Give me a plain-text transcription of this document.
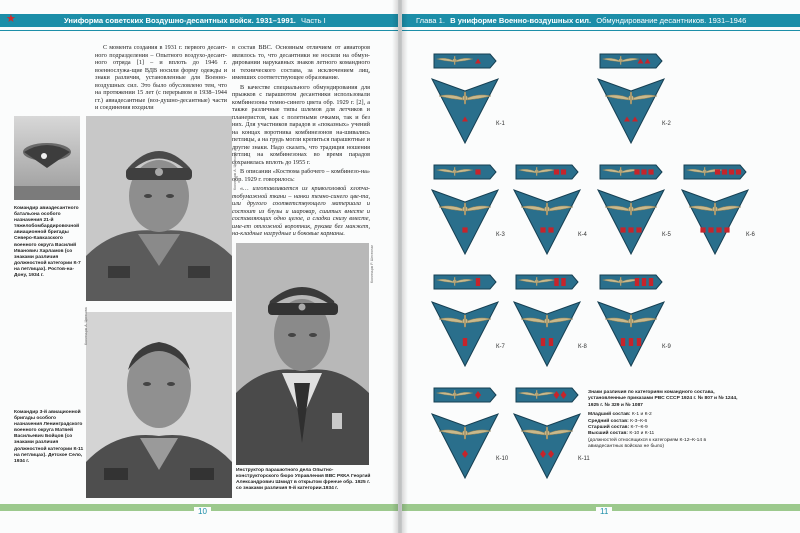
Униформа советских Воздушно-десантных войск. 1931–1991. Часть I
★

С момента создания в 1931 г. первого десант-ного подразделения – Опытного воздухо-десант-ного отряда [1] – и вплоть до 1946 г. военнослужа-щие ВДВ носили форму одежды и знаки различия, установленные для Военно-воздушных сил. Это было обусловлено тем, что на протяжении 15 лет (с перерывом в 1938–1944 гг.) авиадесантные (воз-душно-десантные) части и соединения входили

в состав ВВС. Основным отличием от авиаторов являлось то, что десантники не носили на обмун-дировании нарукавных знаков летного командного и технического состава, за исключением лиц, имевших соответствующее образование.

В качестве специального обмундирования для прыжков с парашютом десантники использовали комбинезоны темно-синего цвета обр. 1929 г. [2], а также различные типы шлемов для летчиков и планеристов, как с полетными очками, так и без них. Для участников парадов и «показных» учений на концах воротника комбинезонов на-шивались петлицы, а на грудь могли крепиться парашютные и другие знаки. Надо сказать, что традиция ношения петлиц на комбинезонах во время парадов сохранялась вплоть до 1955 г.

В описании «Костюма рабочего – комбинезо-на» обр. 1929 г. говорилось:

«… изготавливается из кривоголовой хлопча-тобумажной ткани – нанки темно-синего цве-та, или другого соответствующего материала и состоит из блузы и шаровар, сшитых вместе и составляющих одно целое, а сладки снизу вместе, име-ет отложной воротник, рукава без манжет, на-кладные нагрудные и боковые карманы.

Коллекция А. Цветкова
Командир авиадесантного батальона особого назначения 21-й тяжелобомбардировочной авиационной бригады Северо-Кавказского военного округа Василий Иванович Харламов (со знаками различия должностной категории К-7 на петлицах). Ростов-на-Дону, 1934 г.
Коллекция А. Цветкова
Командир 3-й авиационной бригады особого назначения Ленинградского военного округа Матвей Васильевич Бойцов (со знаками различия должностной категории К-11 на петлицах). Детское Село, 1934 г.
Коллекция Р. Шестопал
Инструктор парашютного дела Опытно-конструкторского бюро Управления ВВС РККА Георгий Александрович Шмидт в открытом френче обр. 1925 г. со знаками различия 9-й категории.1934 г.
10
Глава 1. В униформе Военно-воздушных сил. Обмундирование десантников. 1931–1946
К-1	К-2
К-3	К-4	К-5	К-6
К-7	К-8	К-9
К-10	К-11
Знаки различия по категориям командного состава, установленные приказами РВС СССР 1924 г. № 807 и № 1244, 1925 г. № 329 и № 1087
Младший состав: К-1 и К-2
Средний состав: К-3–К-6
Старший состав: К-7–К-9
Высший состав: К-10 и К-11
(должностей относящихся к категориям К-12–К-14 в авиадесантных войсках не было)
11
